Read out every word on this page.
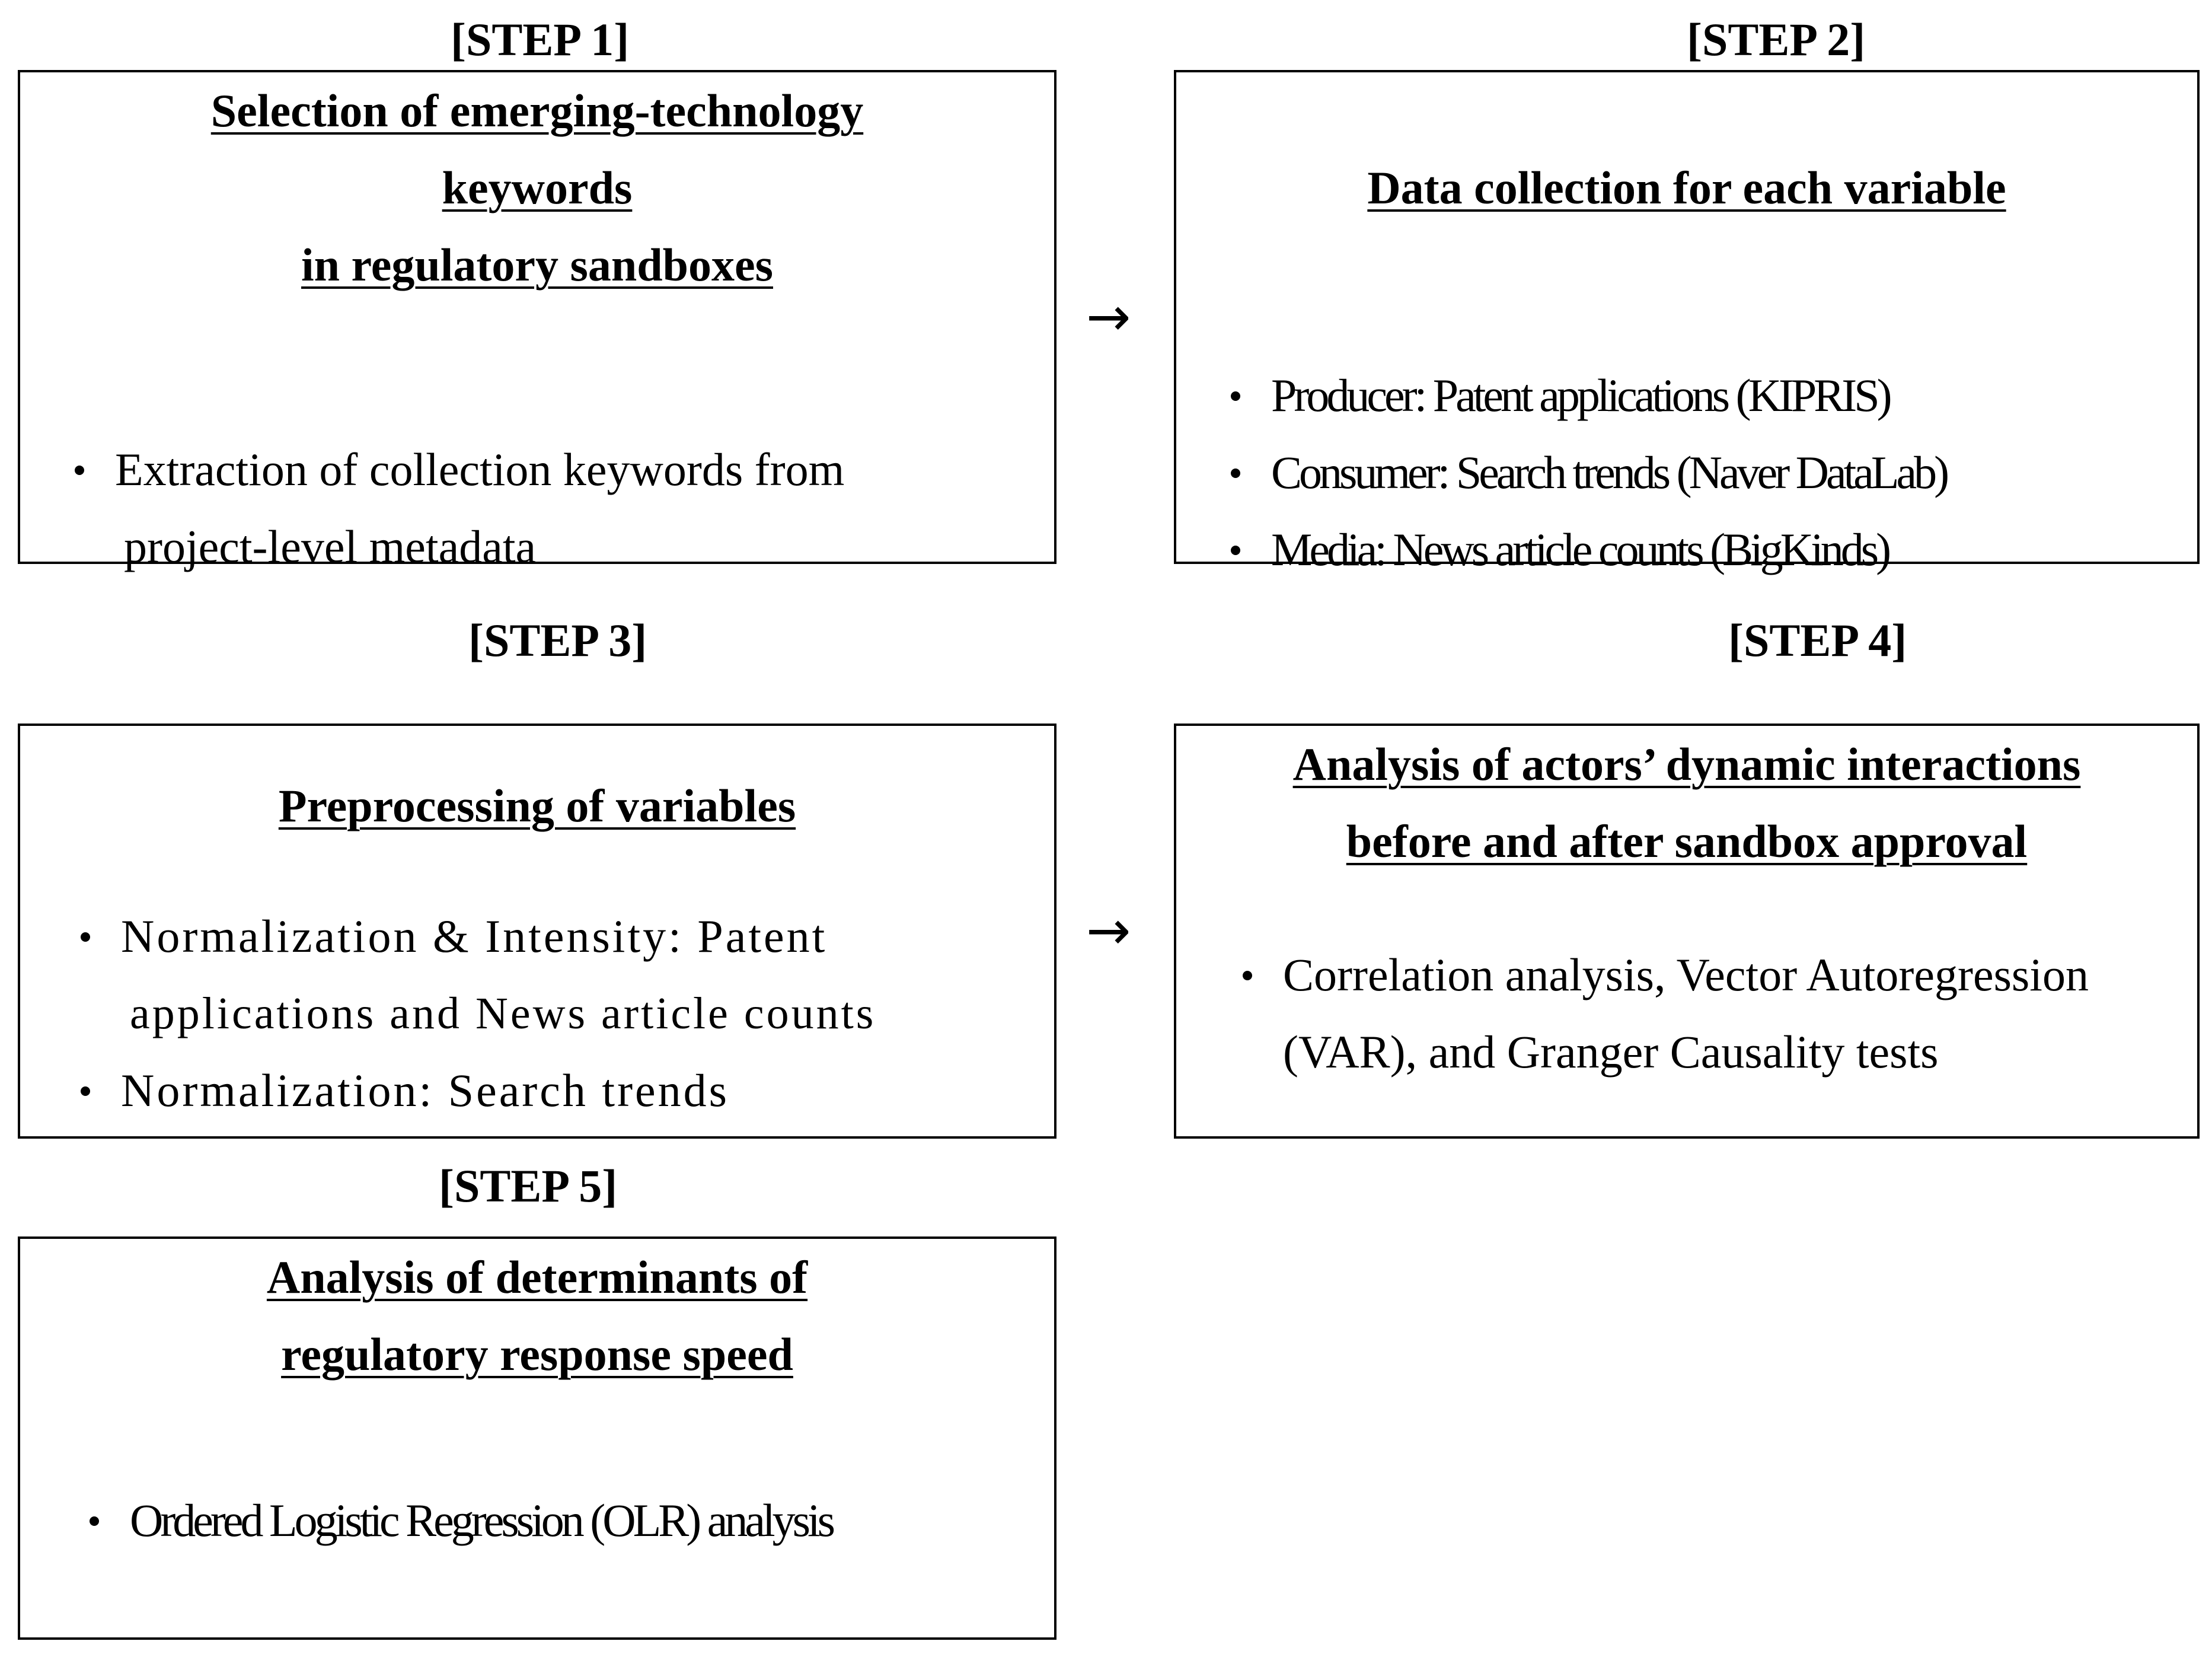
[STEP 1]
Selection of emerging-technology
keywords
in regulatory sandboxes
Extraction of collection keywords from
project-level metadata
→
[STEP 2]
Data collection for each variable
Producer: Patent applications (KIPRIS)
Consumer: Search trends (Naver DataLab)
Media: News article counts (BigKinds)
[STEP 3]
Preprocessing of variables
Normalization & Intensity: Patent
applications and News article counts
Normalization: Search trends
→
[STEP 4]
Analysis of actors’ dynamic interactions
before and after sandbox approval
Correlation analysis, Vector Autoregression
(VAR), and Granger Causality tests
[STEP 5]
Analysis of determinants of
regulatory response speed
Ordered Logistic Regression (OLR) analysis
